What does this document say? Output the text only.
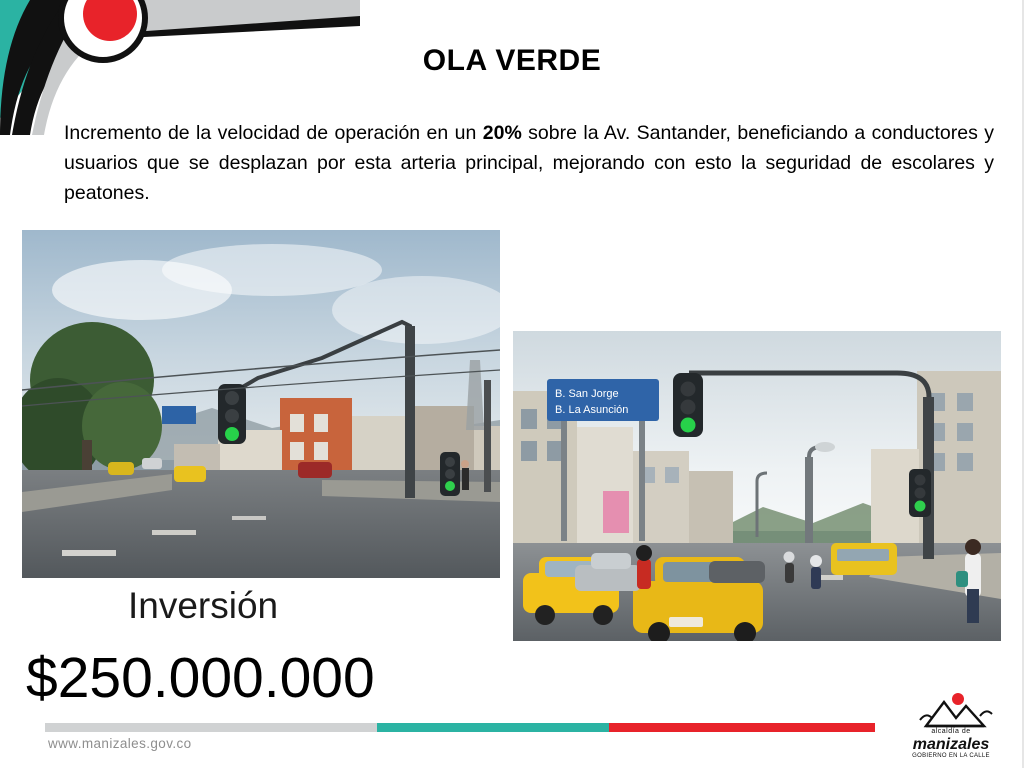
OLA VERDE
Incremento de la velocidad de operación en un 20% sobre la Av. Santander, beneficiando a conductores y usuarios que se desplazan por esta arteria principal, mejorando con esto la seguridad de escolares y peatones.
B. San Jorge
B. La Asunción
Inversión
$250.000.000
www.manizales.gov.co
alcaldía de
manizales
GOBIERNO EN LA CALLE
